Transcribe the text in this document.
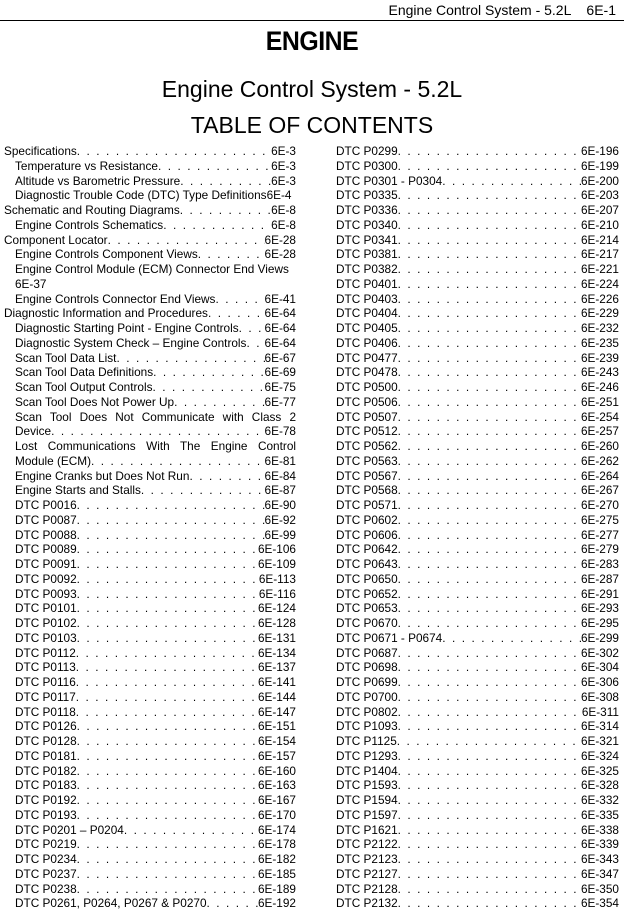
Engine Control System - 5.2L    6E-1
ENGINE
Engine Control System - 5.2L
TABLE OF CONTENTS
Specifications . . .	6E-3
Temperature vs Resistance . . .	6E-3
Altitude vs Barometric Pressure . . .	6E-3
Diagnostic Trouble Code (DTC) Type Definitions 6E-4
Schematic and Routing Diagrams . . .	6E-8
Engine Controls Schematics . . .	6E-8
Component Locator . . .	6E-28
Engine Controls Component Views . . .	6E-28
Engine Control Module (ECM) Connector End Views
6E-37
Engine Controls Connector End Views . . .	6E-41
Diagnostic Information and Procedures . . .	6E-64
Diagnostic Starting Point - Engine Controls . . . 6E-64
Diagnostic System Check – Engine Controls . . . 6E-64
Scan Tool Data List . . .	6E-67
Scan Tool Data Definitions . . .	6E-69
Scan Tool Output Controls . . .	6E-75
Scan Tool Does Not Power Up . . .	6E-77
Scan Tool Does Not Communicate with Class 2
Device . . .	6E-78
Lost Communications With The Engine Control
Module (ECM) . . .	6E-81
Engine Cranks but Does Not Run . . .	6E-84
Engine Starts and Stalls . . .	6E-87
DTC P0016 . . .	6E-90
DTC P0087 . . .	6E-92
DTC P0088 . . .	6E-99
DTC P0089 . . .	6E-106
DTC P0091 . . .	6E-109
DTC P0092 . . .	6E-113
DTC P0093 . . .	6E-116
DTC P0101 . . .	6E-124
DTC P0102 . . .	6E-128
DTC P0103 . . .	6E-131
DTC P0112 . . .	6E-134
DTC P0113 . . .	6E-137
DTC P0116 . . .	6E-141
DTC P0117 . . .	6E-144
DTC P0118 . . .	6E-147
DTC P0126 . . .	6E-151
DTC P0128 . . .	6E-154
DTC P0181 . . .	6E-157
DTC P0182 . . .	6E-160
DTC P0183 . . .	6E-163
DTC P0192 . . .	6E-167
DTC P0193 . . .	6E-170
DTC P0201 – P0204 . . .	6E-174
DTC P0219 . . .	6E-178
DTC P0234 . . .	6E-182
DTC P0237 . . .	6E-185
DTC P0238 . . .	6E-189
DTC P0261, P0264, P0267 & P0270 . . .	6E-192
DTC P0299 . . .	6E-196
DTC P0300 . . .	6E-199
DTC P0301 - P0304 . . .	6E-200
DTC P0335 . . .	6E-203
DTC P0336 . . .	6E-207
DTC P0340 . . .	6E-210
DTC P0341 . . .	6E-214
DTC P0381 . . .	6E-217
DTC P0382 . . .	6E-221
DTC P0401 . . .	6E-224
DTC P0403 . . .	6E-226
DTC P0404 . . .	6E-229
DTC P0405 . . .	6E-232
DTC P0406 . . .	6E-235
DTC P0477 . . .	6E-239
DTC P0478 . . .	6E-243
DTC P0500 . . .	6E-246
DTC P0506 . . .	6E-251
DTC P0507 . . .	6E-254
DTC P0512 . . .	6E-257
DTC P0562 . . .	6E-260
DTC P0563 . . .	6E-262
DTC P0567 . . .	6E-264
DTC P0568 . . .	6E-267
DTC P0571 . . .	6E-270
DTC P0602 . . .	6E-275
DTC P0606 . . .	6E-277
DTC P0642 . . .	6E-279
DTC P0643 . . .	6E-283
DTC P0650 . . .	6E-287
DTC P0652 . . .	6E-291
DTC P0653 . . .	6E-293
DTC P0670 . . .	6E-295
DTC P0671 - P0674 . . .	6E-299
DTC P0687 . . .	6E-302
DTC P0698 . . .	6E-304
DTC P0699 . . .	6E-306
DTC P0700 . . .	6E-308
DTC P0802 . . .	6E-311
DTC P1093 . . .	6E-314
DTC P1125 . . .	6E-321
DTC P1293 . . .	6E-324
DTC P1404 . . .	6E-325
DTC P1593 . . .	6E-328
DTC P1594 . . .	6E-332
DTC P1597 . . .	6E-335
DTC P1621 . . .	6E-338
DTC P2122 . . .	6E-339
DTC P2123 . . .	6E-343
DTC P2127 . . .	6E-347
DTC P2128 . . .	6E-350
DTC P2132 . . .	6E-354
